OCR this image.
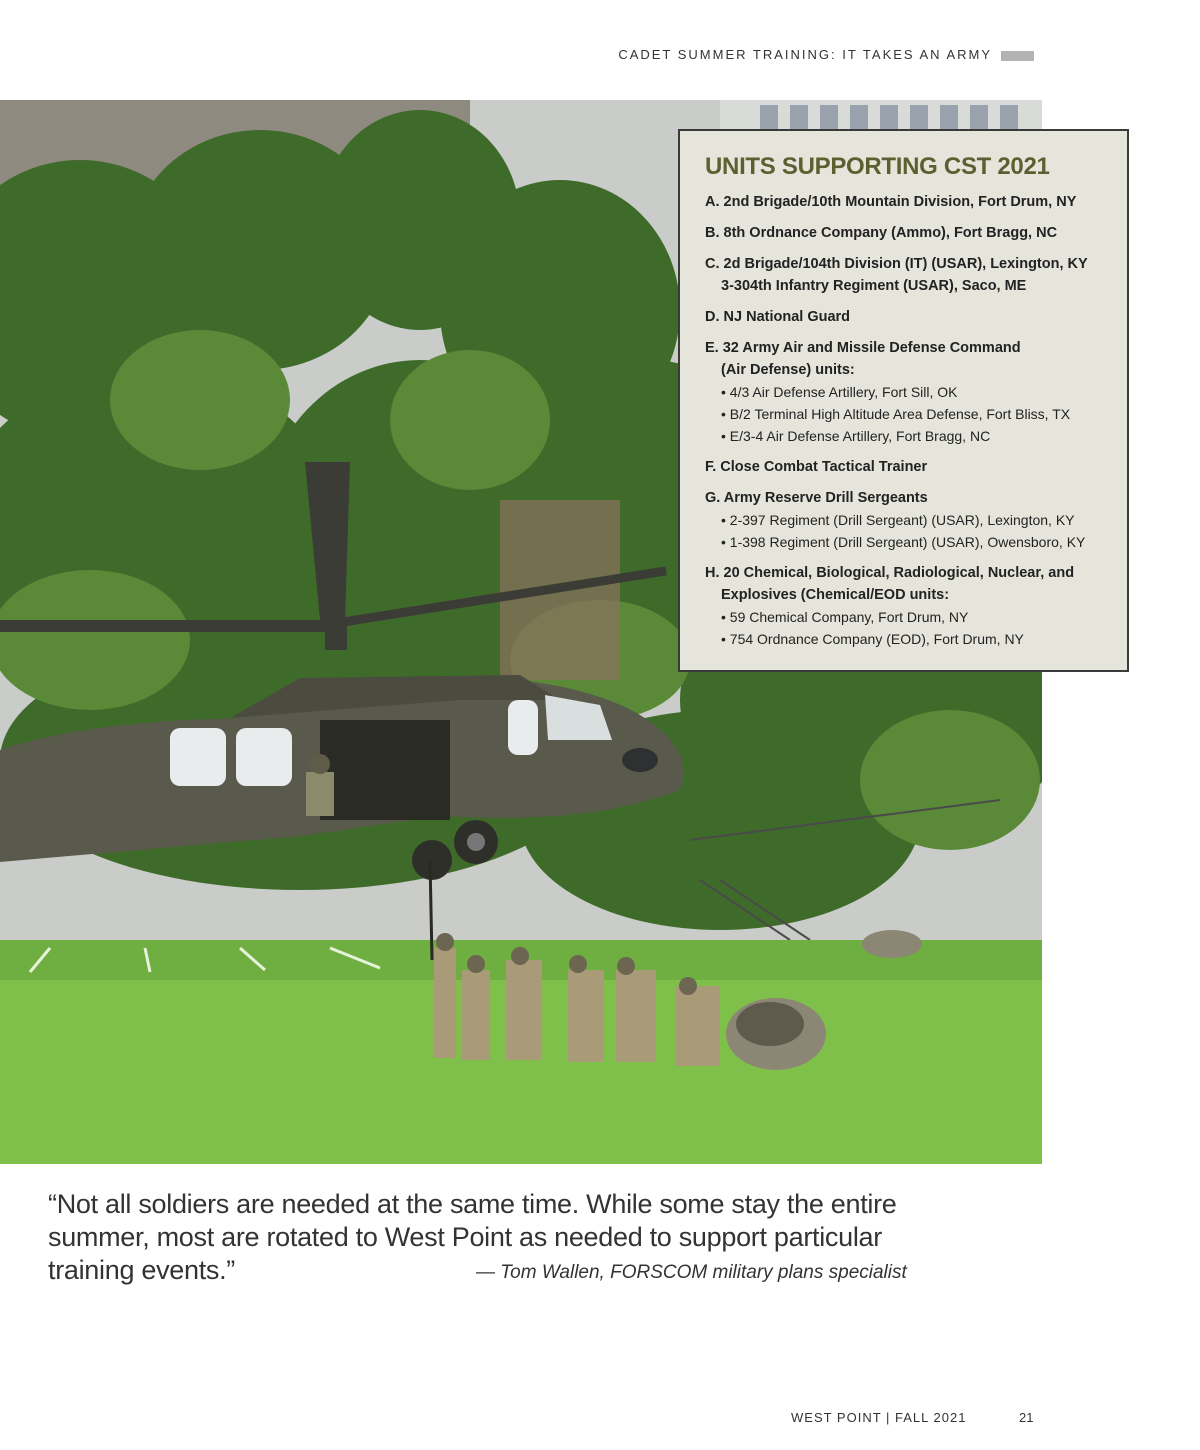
CADET SUMMER TRAINING: IT TAKES AN ARMY
UNITS SUPPORTING CST 2021
A. 2nd Brigade/10th Mountain Division, Fort Drum, NY
B. 8th Ordnance Company (Ammo), Fort Bragg, NC
C. 2d Brigade/104th Division (IT) (USAR), Lexington, KY
3-304th Infantry Regiment (USAR), Saco, ME
D. NJ National Guard
E. 32 Army Air and Missile Defense Command
(Air Defense) units:
• 4/3 Air Defense Artillery, Fort Sill, OK
• B/2 Terminal High Altitude Area Defense, Fort Bliss, TX
• E/3-4 Air Defense Artillery, Fort Bragg, NC
F. Close Combat Tactical Trainer
G. Army Reserve Drill Sergeants
• 2-397 Regiment (Drill Sergeant) (USAR), Lexington, KY
• 1-398 Regiment (Drill Sergeant) (USAR), Owensboro, KY
H. 20 Chemical, Biological, Radiological, Nuclear, and
Explosives (Chemical/EOD units:
• 59 Chemical Company, Fort Drum, NY
• 754 Ordnance Company (EOD), Fort Drum, NY
“Not all soldiers are needed at the same time. While some stay the entire summer, most are rotated to West Point as needed to support particular training events.”	— Tom Wallen, FORSCOM military plans specialist
WEST POINT | FALL 2021	21
